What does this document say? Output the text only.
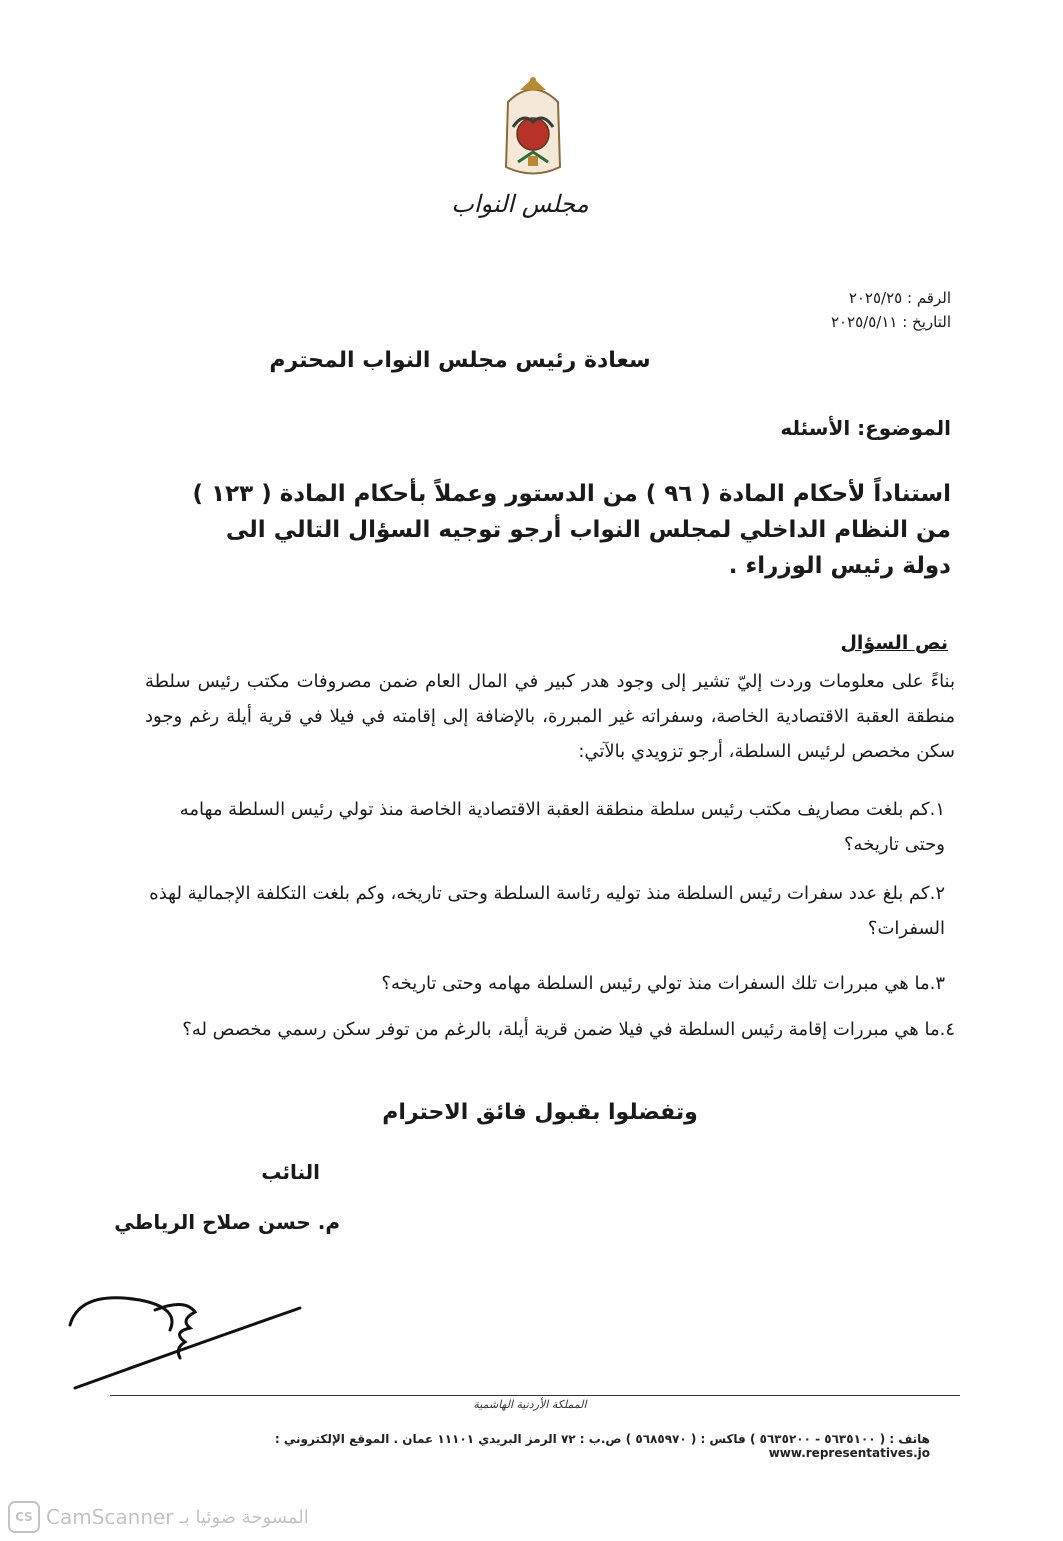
مجلس النواب
الرقم : ٢٠٢٥/٢٥
التاريخ : ٢٠٢٥/٥/١١
سعادة رئيس مجلس النواب المحترم
الموضوع: الأسئله
استناداً لأحكام المادة ( ٩٦ ) من الدستور وعملاً بأحكام المادة ( ١٢٣ ) من النظام الداخلي لمجلس النواب أرجو توجيه السؤال التالي الى دولة رئيس الوزراء .
نص السؤال
بناءً على معلومات وردت إليّ تشير إلى وجود هدر كبير في المال العام ضمن مصروفات مكتب رئيس سلطة منطقة العقبة الاقتصادية الخاصة، وسفراته غير المبررة، بالإضافة إلى إقامته في فيلا في قرية أيلة رغم وجود سكن مخصص لرئيس السلطة، أرجو تزويدي بالآتي:
١.كم بلغت مصاريف مكتب رئيس سلطة منطقة العقبة الاقتصادية الخاصة منذ تولي رئيس السلطة مهامه وحتى تاريخه؟
٢.كم بلغ عدد سفرات رئيس السلطة منذ توليه رئاسة السلطة وحتى تاريخه، وكم بلغت التكلفة الإجمالية لهذه السفرات؟
٣.ما هي مبررات تلك السفرات منذ تولي رئيس السلطة مهامه وحتى تاريخه؟
٤.ما هي مبررات إقامة رئيس السلطة في فيلا ضمن قرية أيلة، بالرغم من توفر سكن رسمي مخصص له؟
وتفضلوا بقبول فائق الاحترام
النائب
م. حسن صلاح الرياطي
المملكة الأردنية الهاشمية
هاتف : ( ٥٦٣٥١٠٠ - ٥٦٣٥٢٠٠ ) فاكس : ( ٥٦٨٥٩٧٠ ) ص.ب : ٧٢ الرمز البريدي ١١١٠١ عمان . الموقع الإلكتروني : www.representatives.jo
CS CamScanner المسوحة ضوئيا بـ
